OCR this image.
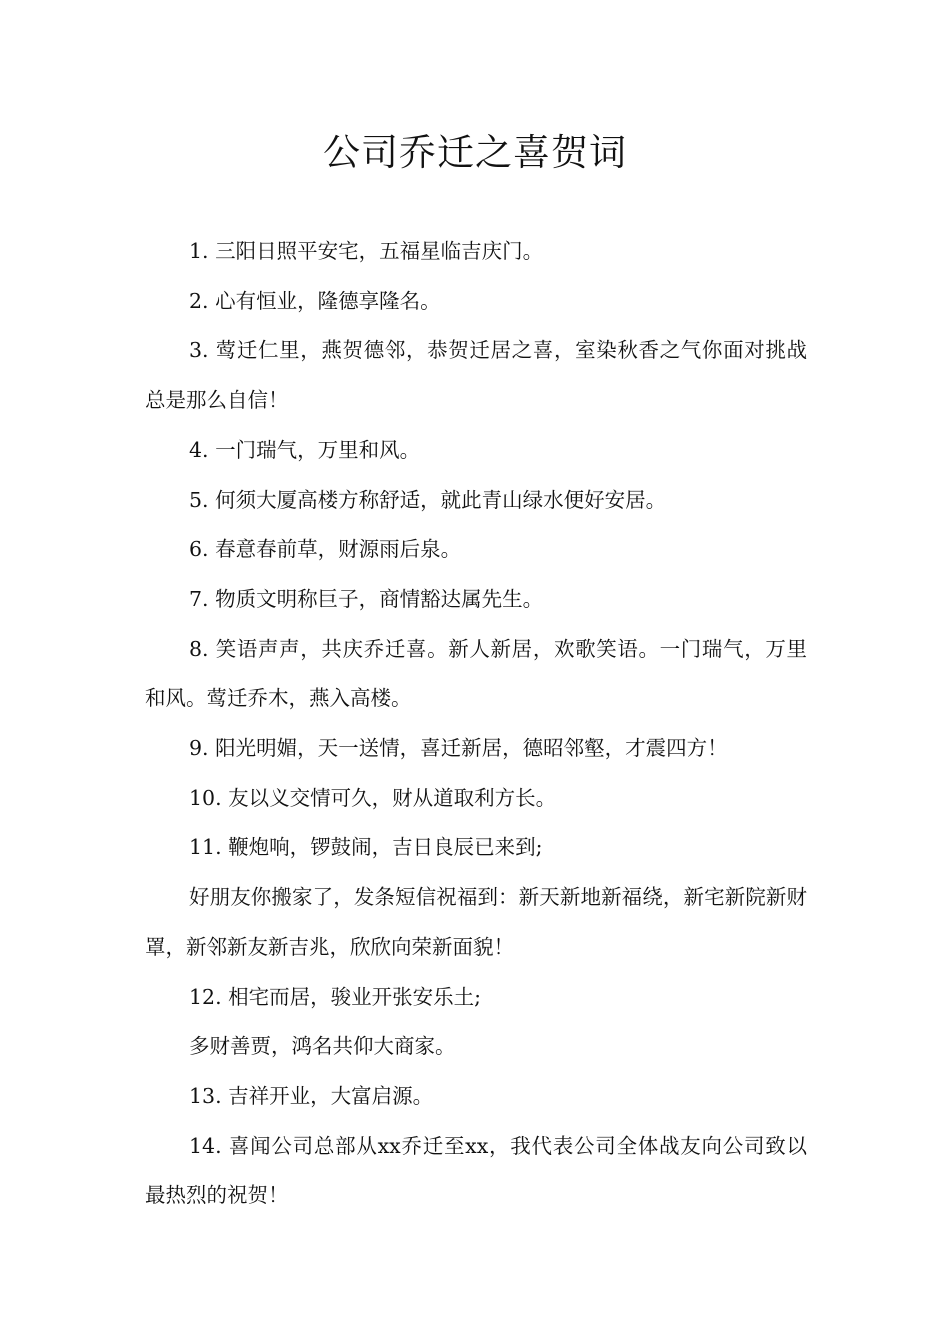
公司乔迁之喜贺词

1. 三阳日照平安宅，五福星临吉庆门。

2. 心有恒业，隆德享隆名。

3. 莺迁仁里，燕贺德邻，恭贺迁居之喜，室染秋香之气你面对挑战总是那么自信！

4. 一门瑞气，万里和风。

5. 何须大厦高楼方称舒适，就此青山绿水便好安居。

6. 春意春前草，财源雨后泉。

7. 物质文明称巨子，商情豁达属先生。

8. 笑语声声，共庆乔迁喜。新人新居，欢歌笑语。一门瑞气，万里和风。莺迁乔木，燕入高楼。

9. 阳光明媚，天一送情，喜迁新居，德昭邻壑，才震四方！

10. 友以义交情可久，财从道取利方长。

11. 鞭炮响，锣鼓闹，吉日良辰已来到;

好朋友你搬家了，发条短信祝福到：新天新地新福绕，新宅新院新财罩，新邻新友新吉兆，欣欣向荣新面貌！

12. 相宅而居，骏业开张安乐土;

多财善贾，鸿名共仰大商家。

13. 吉祥开业，大富启源。

14. 喜闻公司总部从xx乔迁至xx，我代表公司全体战友向公司致以最热烈的祝贺！
